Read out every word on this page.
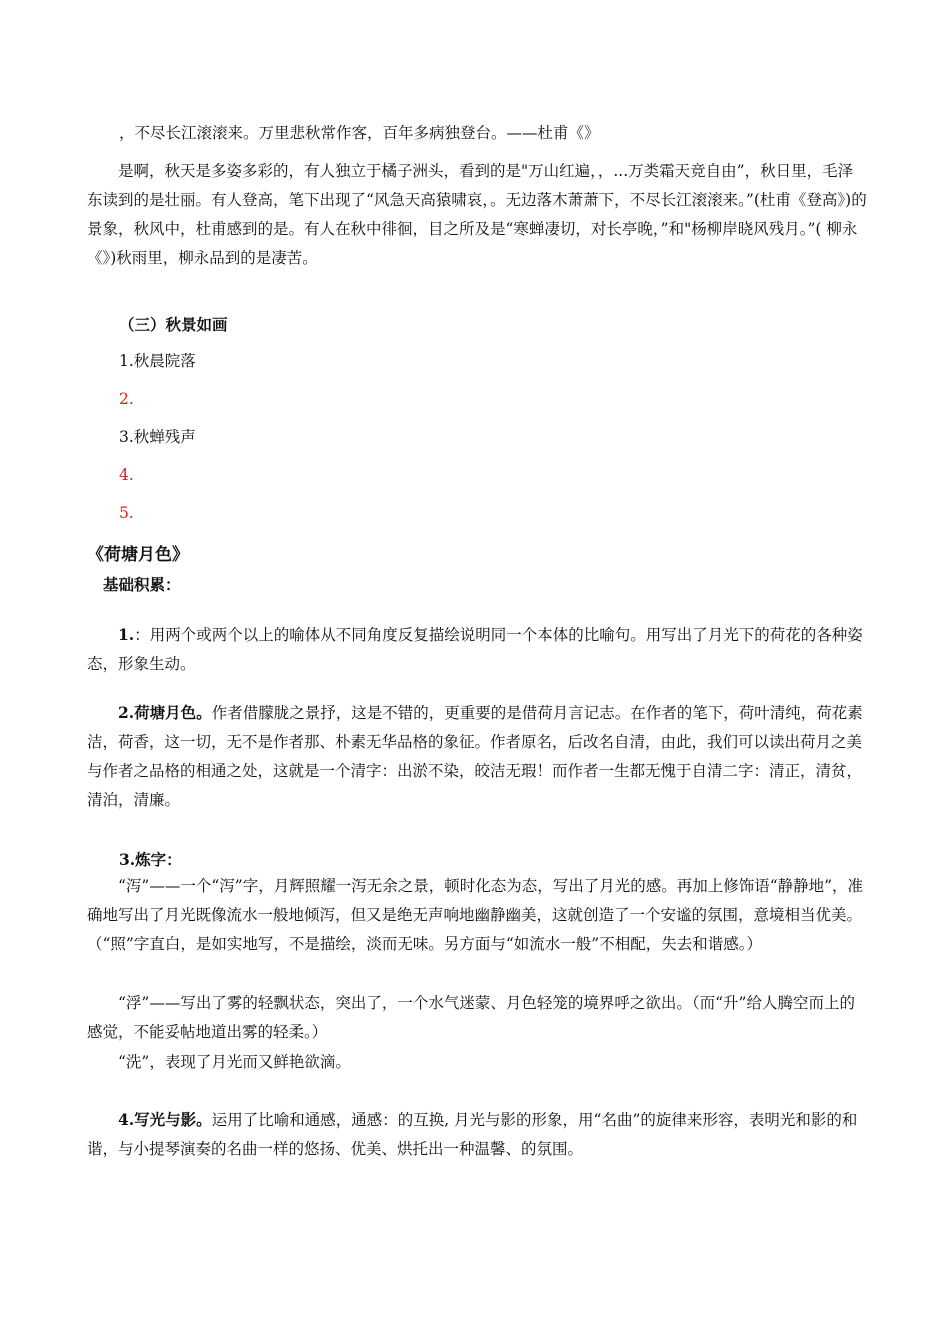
，不尽长江滚滚来。万里悲秋常作客，百年多病独登台。——杜甫《》

是啊，秋天是多姿多彩的，有人独立于橘子洲头，看到的是"万山红遍，，...万类霜天竞自由”，秋日里，毛泽东读到的是壮丽。有人登高，笔下出现了“风急天高猿啸哀，。无边落木萧萧下，不尽长江滚滚来。”(杜甫《登高》)的景象，秋风中，杜甫感到的是。有人在秋中徘徊，目之所及是“寒蝉凄切，对长亭晚，”和"杨柳岸晓风残月。”( 柳永《》)秋雨里，柳永品到的是凄苦。

（三）秋景如画

1.秋晨院落

2.

3.秋蝉残声

4.

5.

《荷塘月色》

基础积累：

1.：用两个或两个以上的喻体从不同角度反复描绘说明同一个本体的比喻句。用写出了月光下的荷花的各种姿态，形象生动。

2.荷塘月色。作者借朦胧之景抒，这是不错的，更重要的是借荷月言记志。在作者的笔下，荷叶清纯，荷花素洁，荷香，这一切，无不是作者那、朴素无华品格的象征。作者原名，后改名自清，由此，我们可以读出荷月之美与作者之品格的相通之处，这就是一个清字：出淤不染，皎洁无瑕！而作者一生都无愧于自清二字：清正，清贫，清泊，清廉。

3.炼字：

“泻”——一个“泻”字，月辉照耀一泻无余之景，顿时化态为态，写出了月光的感。再加上修饰语“静静地”，准确地写出了月光既像流水一般地倾泻，但又是绝无声响地幽静幽美，这就创造了一个安谧的氛围，意境相当优美。（“照”字直白，是如实地写，不是描绘，淡而无味。另方面与“如流水一般”不相配，失去和谐感。）

“浮”——写出了雾的轻飘状态，突出了，一个水气迷蒙、月色轻笼的境界呼之欲出。（而“升”给人腾空而上的感觉，不能妥帖地道出雾的轻柔。）

“洗”，表现了月光而又鲜艳欲滴。

4.写光与影。运用了比喻和通感，通感：的互换, 月光与影的形象，用“名曲”的旋律来形容，表明光和影的和谐，与小提琴演奏的名曲一样的悠扬、优美、烘托出一种温馨、的氛围。
